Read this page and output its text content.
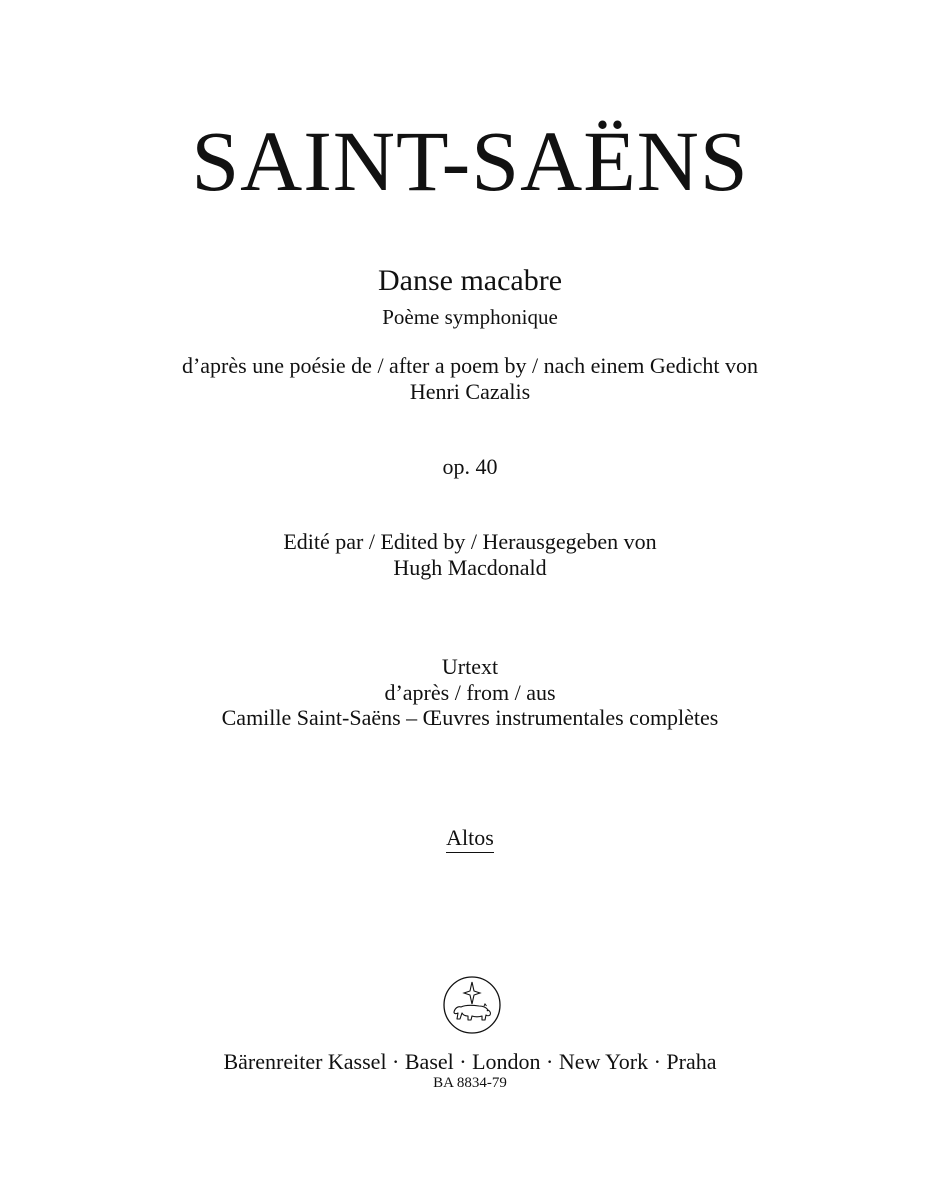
SAINT-SAËNS
Danse macabre
Poème symphonique
d’après une poésie de / after a poem by / nach einem Gedicht von
Henri Cazalis
op. 40
Edité par / Edited by / Herausgegeben von
Hugh Macdonald
Urtext
d’après / from / aus
Camille Saint-Saëns – Œuvres instrumentales complètes
Altos
Bärenreiter Kassel · Basel · London · New York · Praha
BA 8834-79
